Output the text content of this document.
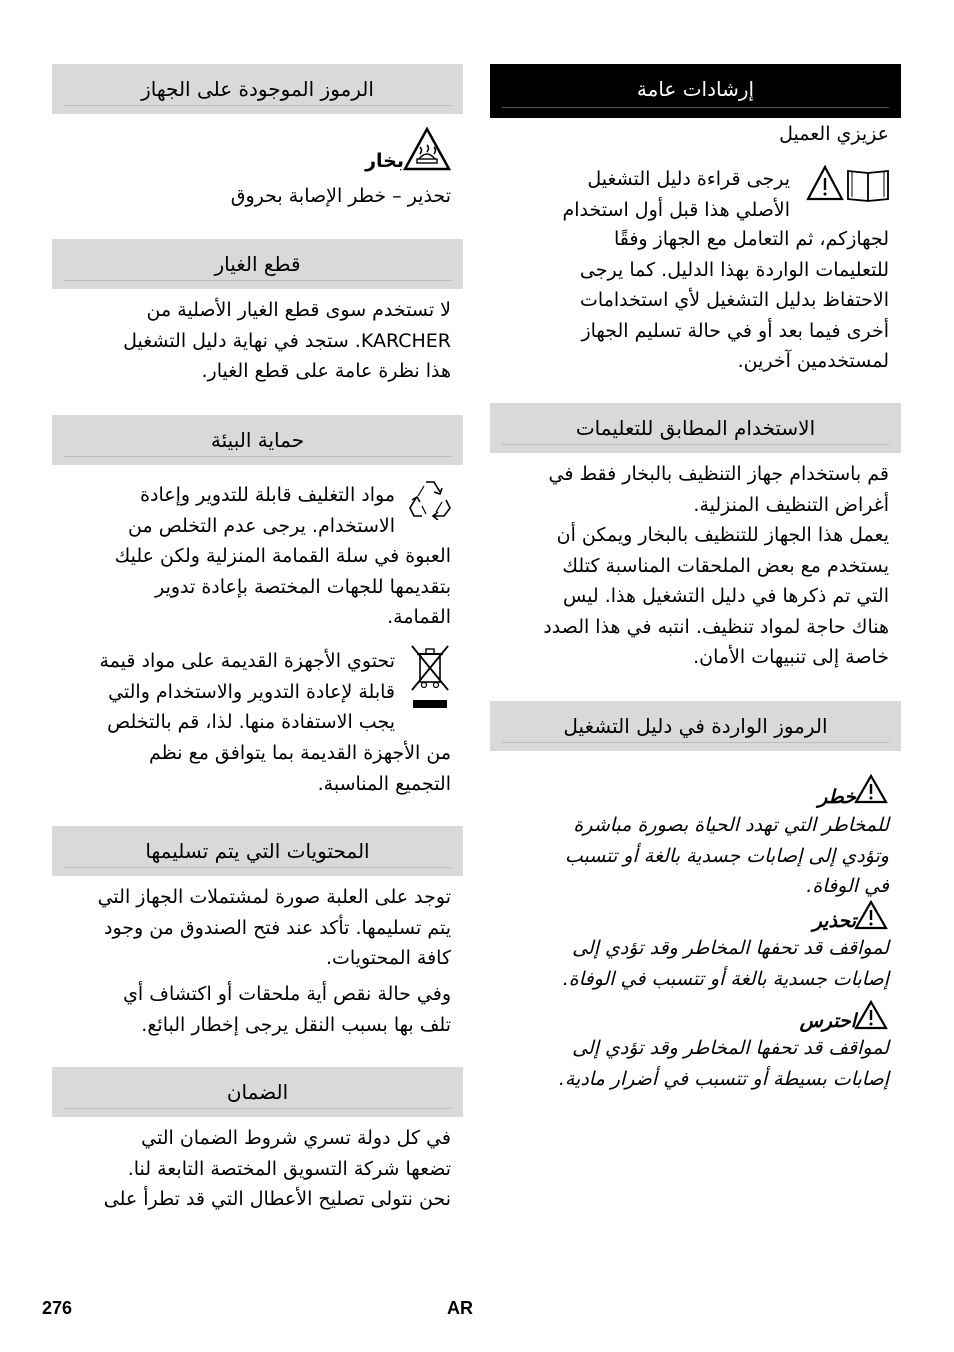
الرموز الموجودة على الجهاز
بخار
تحذير – خطر الإصابة بحروق
قطع الغيار
لا تستخدم سوى قطع الغيار الأصلية من
KARCHER. ستجد في نهاية دليل التشغيل
هذا نظرة عامة على قطع الغيار.
حماية البيئة
مواد التغليف قابلة للتدوير وإعادة
الاستخدام. يرجى عدم التخلص من
العبوة في سلة القمامة المنزلية ولكن عليك
بتقديمها للجهات المختصة بإعادة تدوير
القمامة.
تحتوي الأجهزة القديمة على مواد قيمة
قابلة لإعادة التدوير والاستخدام والتي
يجب الاستفادة منها. لذا، قم بالتخلص
من الأجهزة القديمة بما يتوافق مع نظم
التجميع المناسبة.
المحتويات التي يتم تسليمها
توجد على العلبة صورة لمشتملات الجهاز التي
يتم تسليمها. تأكد عند فتح الصندوق من وجود
كافة المحتويات.
وفي حالة نقص أية ملحقات أو اكتشاف أي
تلف بها بسبب النقل يرجى إخطار البائع.
الضمان
في كل دولة تسري شروط الضمان التي
تضعها شركة التسويق المختصة التابعة لنا.
نحن نتولى تصليح الأعطال التي قد تطرأ على
إرشادات عامة
عزيزي العميل
يرجى قراءة دليل التشغيل
الأصلي هذا قبل أول استخدام
لجهازكم، ثم التعامل مع الجهاز وفقًا
للتعليمات الواردة بهذا الدليل. كما يرجى
الاحتفاظ بدليل التشغيل لأي استخدامات
أخرى فيما بعد أو في حالة تسليم الجهاز
لمستخدمين آخرين.
الاستخدام المطابق للتعليمات
قم باستخدام جهاز التنظيف بالبخار فقط في
أغراض التنظيف المنزلية.
يعمل هذا الجهاز للتنظيف بالبخار ويمكن أن
يستخدم مع بعض الملحقات المناسبة كتلك
التي تم ذكرها في دليل التشغيل هذا. ليس
هناك حاجة لمواد تنظيف. انتبه في هذا الصدد
خاصة إلى تنبيهات الأمان.
الرموز الواردة في دليل التشغيل
خطر
للمخاطر التي تهدد الحياة بصورة مباشرة
وتؤدي إلى إصابات جسدية بالغة أو تتسبب
في الوفاة.
تحذير
لمواقف قد تحفها المخاطر وقد تؤدي إلى
إصابات جسدية بالغة أو تتسبب في الوفاة.
احترس
لمواقف قد تحفها المخاطر وقد تؤدي إلى
إصابات بسيطة أو تتسبب في أضرار مادية.
276	AR
